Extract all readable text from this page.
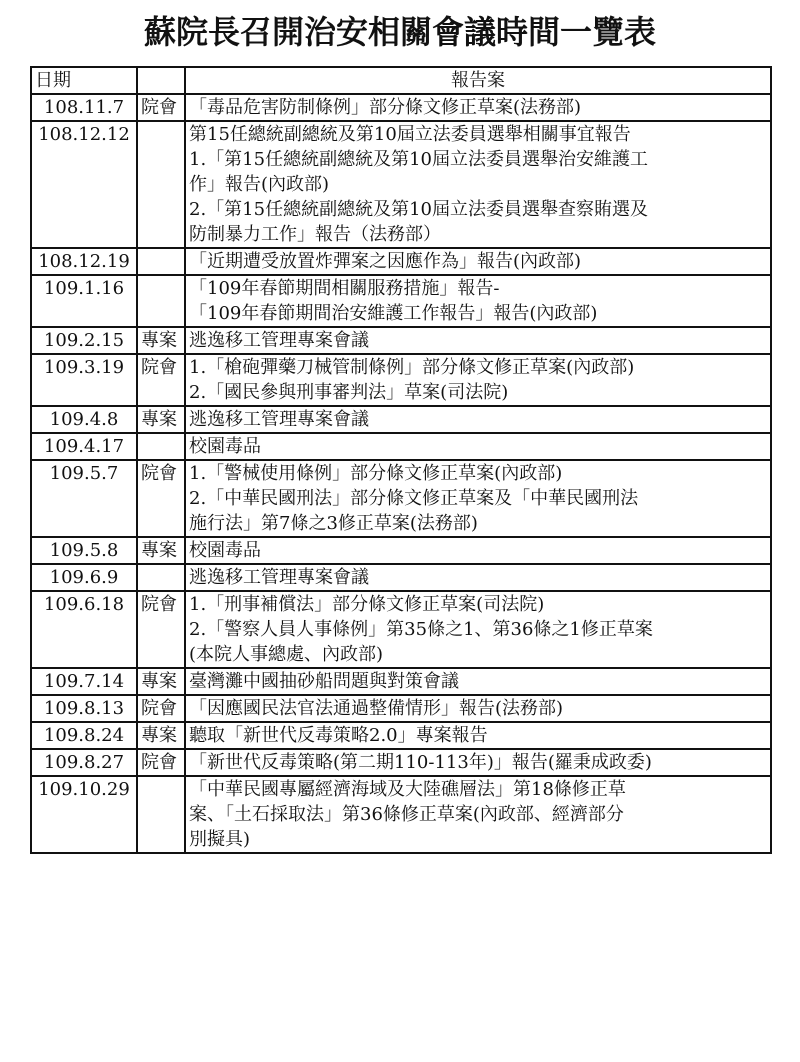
蘇院長召開治安相關會議時間一覽表
日期		報告案
108.11.7	院會	「毒品危害防制條例」部分條文修正草案(法務部)

108.12.12		第15任總統副總統及第10屆立法委員選舉相關事宜報告
1.「第15任總統副總統及第10屆立法委員選舉治安維護工
作」報告(內政部)
2.「第15任總統副總統及第10屆立法委員選舉查察賄選及
防制暴力工作」報告（法務部）

108.12.19		「近期遭受放置炸彈案之因應作為」報告(內政部)

109.1.16		「109年春節期間相關服務措施」報告-
「109年春節期間治安維護工作報告」報告(內政部)

109.2.15	專案	逃逸移工管理專案會議

109.3.19	院會	1.「槍砲彈藥刀械管制條例」部分條文修正草案(內政部)
2.「國民參與刑事審判法」草案(司法院)

109.4.8	專案	逃逸移工管理專案會議

109.4.17		校園毒品

109.5.7	院會	1.「警械使用條例」部分條文修正草案(內政部)
2.「中華民國刑法」部分條文修正草案及「中華民國刑法
施行法」第7條之3修正草案(法務部)

109.5.8	專案	校園毒品

109.6.9		逃逸移工管理專案會議

109.6.18	院會	1.「刑事補償法」部分條文修正草案(司法院)
2.「警察人員人事條例」第35條之1、第36條之1修正草案
(本院人事總處、內政部)

109.7.14	專案	臺灣灘中國抽砂船問題與對策會議

109.8.13	院會	「因應國民法官法通過整備情形」報告(法務部)

109.8.24	專案	聽取「新世代反毒策略2.0」專案報告

109.8.27	院會	「新世代反毒策略(第二期110-113年)」報告(羅秉成政委)

109.10.29		「中華民國專屬經濟海域及大陸礁層法」第18條修正草
案、「土石採取法」第36條修正草案(內政部、經濟部分
別擬具)
